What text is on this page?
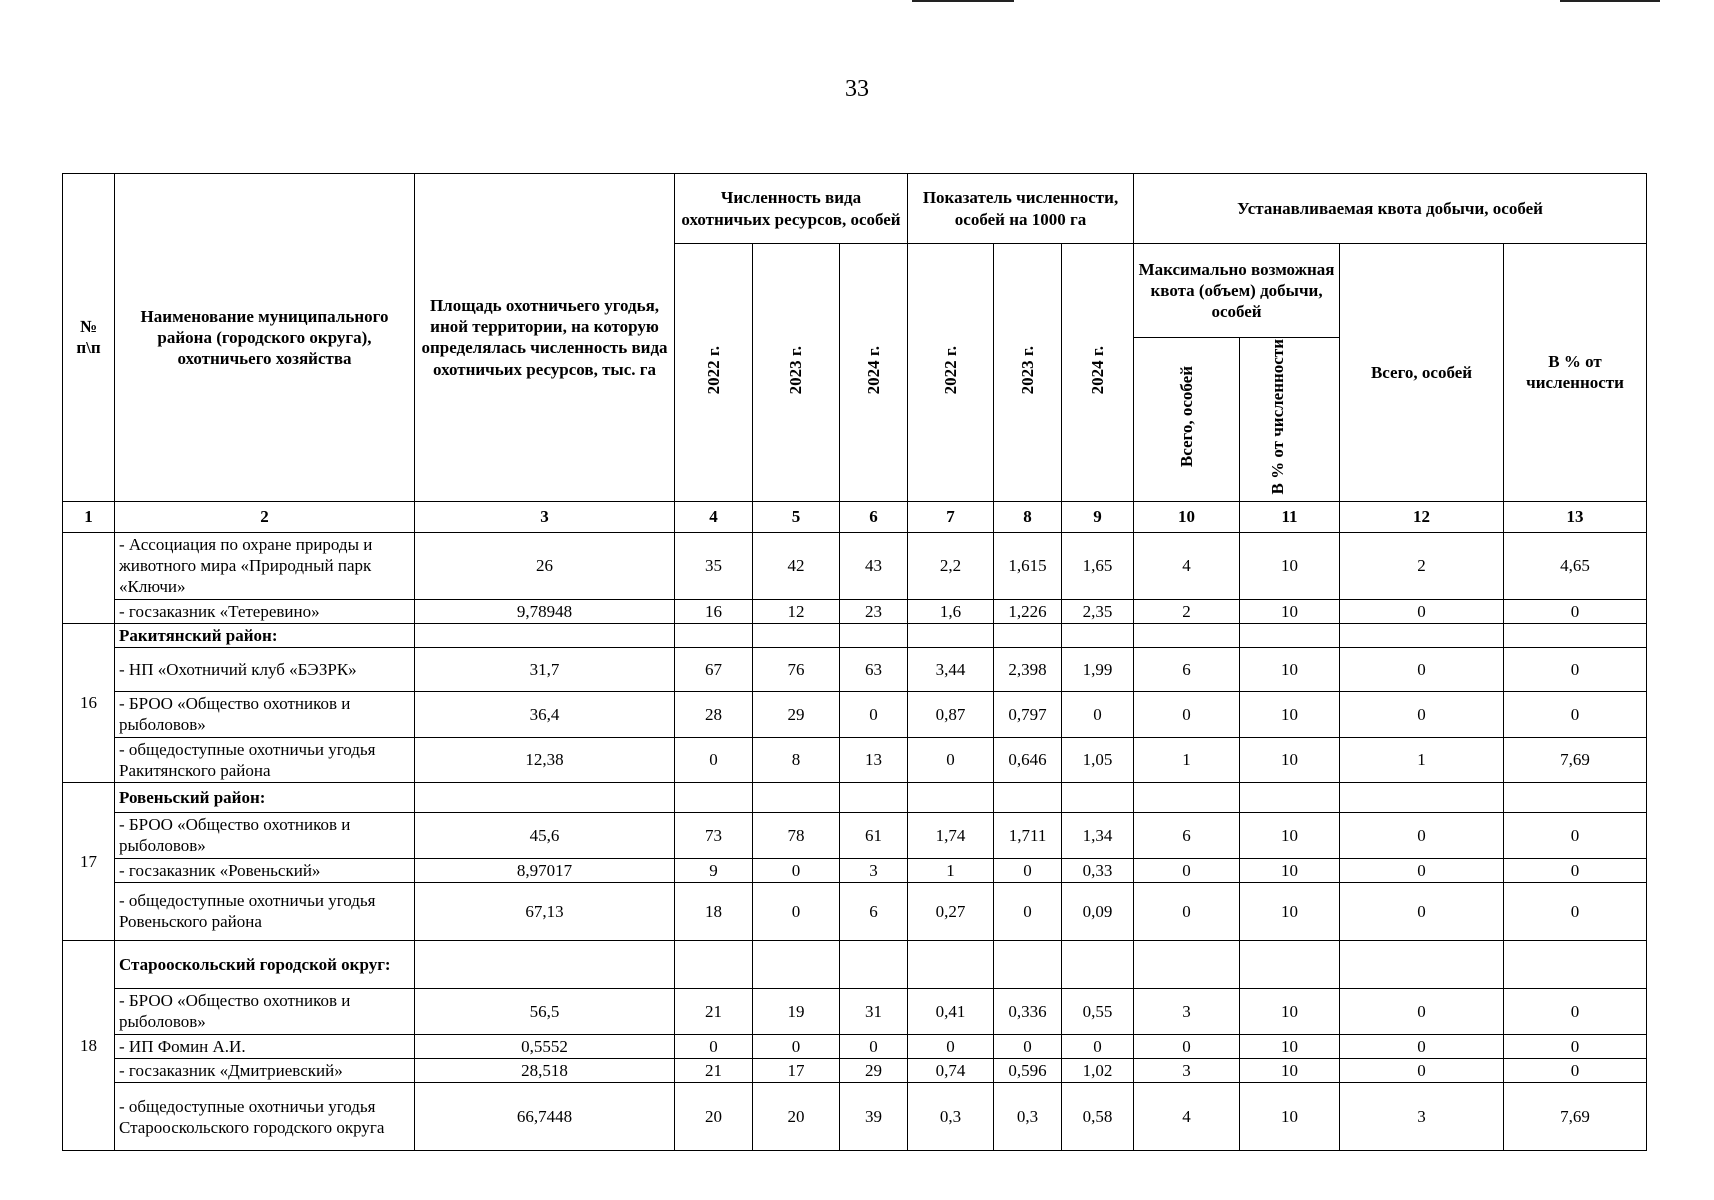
33
№ п\п	Наименование муниципального района (городского округа), охотничьего хозяйства	Площадь охотничьего угодья, иной территории, на которую определялась численность вида охотничьих ресурсов, тыс. га	Численность вида охотничьих ресурсов, особей			Показатель численности, особей на 1000 га			Устанавливаемая квота добычи, особей			
			2022 г.	2023 г.	2024 г.	2022 г.	2023 г.	2024 г.	Максимально возможная квота (объем) добычи, особей		Всего, особей	В % от численности
									Всего, особей	В % от численности		
1	2	3	4	5	6	7	8	9	10	11	12	13
	- Ассоциация по охране природы и животного мира «Природный парк «Ключи»	26	35	42	43	2,2	1,615	1,65	4	10	2	4,65
	- госзаказник «Тетеревино»	9,78948	16	12	23	1,6	1,226	2,35	2	10	0	0
16	Ракитянский район:											
	- НП «Охотничий клуб «БЭЗРК»	31,7	67	76	63	3,44	2,398	1,99	6	10	0	0
	- БРОО «Общество охотников и рыболовов»	36,4	28	29	0	0,87	0,797	0	0	10	0	0
	- общедоступные охотничьи угодья Ракитянского района	12,38	0	8	13	0	0,646	1,05	1	10	1	7,69
17	Ровеньский район:											
	- БРОО «Общество охотников и рыболовов»	45,6	73	78	61	1,74	1,711	1,34	6	10	0	0
	- госзаказник «Ровеньский»	8,97017	9	0	3	1	0	0,33	0	10	0	0
	- общедоступные охотничьи угодья Ровеньского района	67,13	18	0	6	0,27	0	0,09	0	10	0	0
18	Старооскольский городской округ:											
	- БРОО «Общество охотников и рыболовов»	56,5	21	19	31	0,41	0,336	0,55	3	10	0	0
	- ИП Фомин А.И.	0,5552	0	0	0	0	0	0	0	10	0	0
	- госзаказник «Дмитриевский»	28,518	21	17	29	0,74	0,596	1,02	3	10	0	0
	- общедоступные охотничьи угодья Старооскольского городского округа	66,7448	20	20	39	0,3	0,3	0,58	4	10	3	7,69
